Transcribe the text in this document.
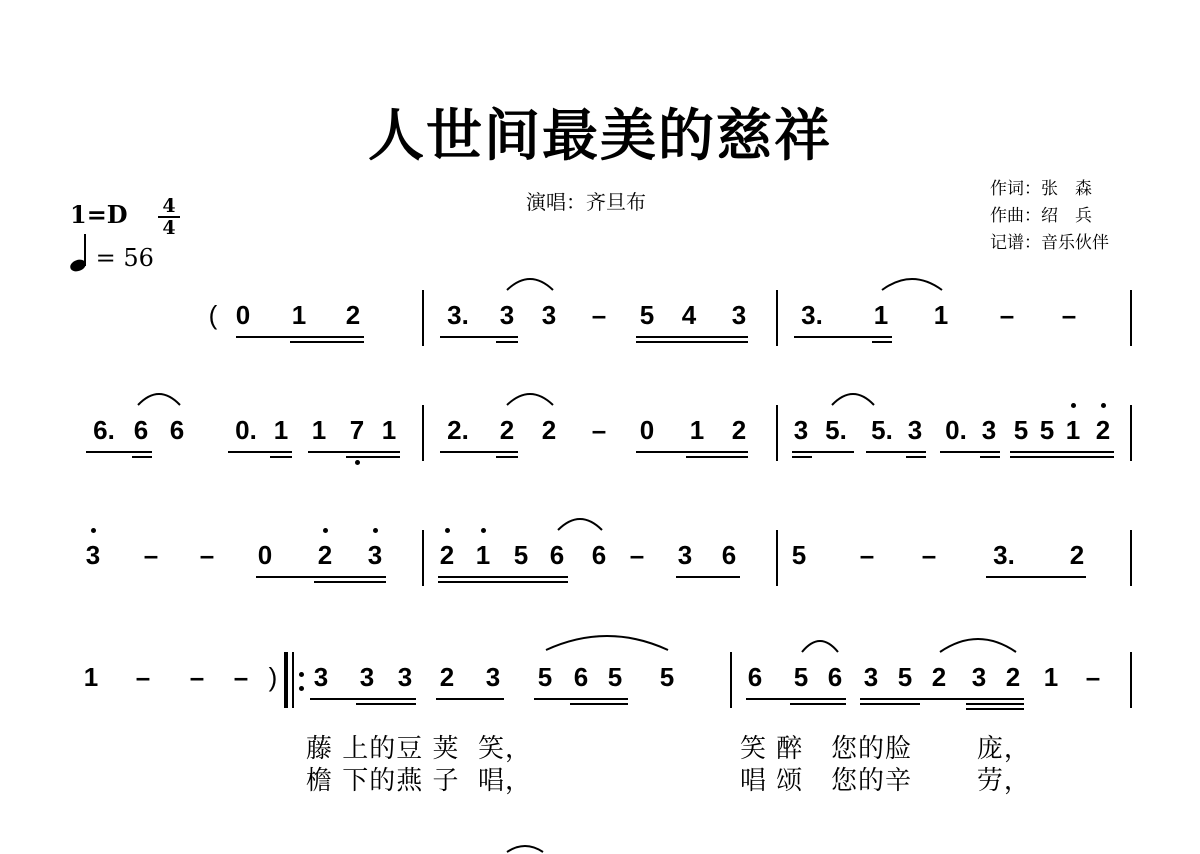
人世间最美的慈祥
演唱：齐旦布
作词：张　森
作曲：绍　兵
记谱：音乐伙伴
1=D 4
4
= 56
( 0 1 2	3.	3 3 – 5 4 3	3.	1 1 – –
6. 6 6	0. 1 1 7 1	2.	2 2 – 0 1 2 3 5. 5. 3 0. 3 5 5 1 2
3 – – 0 2 3 2 1 5 6 6 – 3 6 5 – –	3.	2
1 – – – )	3 3 3 2 3 5 6 5 5	6 5 6 3 5 2 3 2 1 –
藤 上的豆 荚  笑，	笑 醉   您的脸       庞，
檐 下的燕 子  唱，	唱 颂   您的辛       劳，
